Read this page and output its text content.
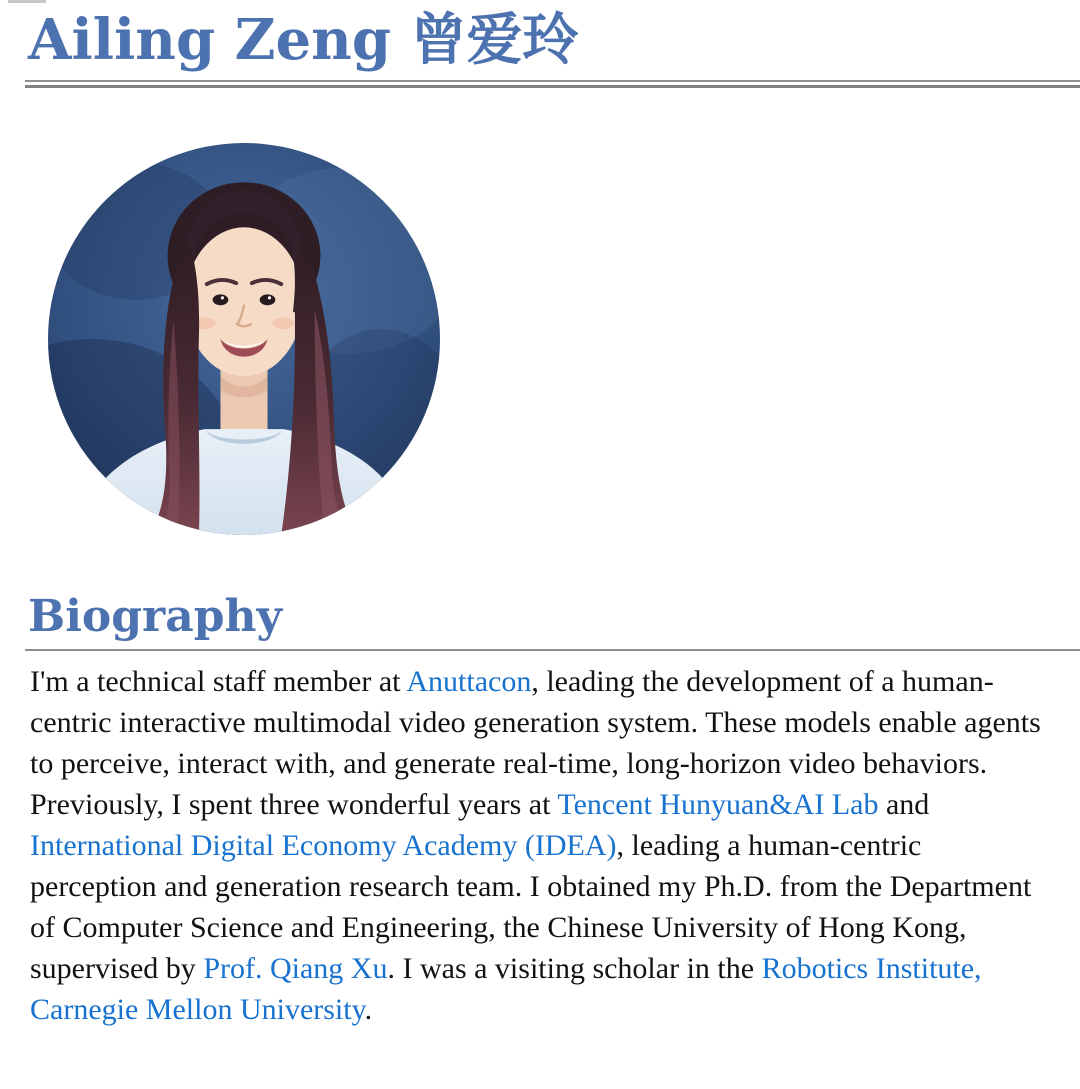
Ailing Zeng 曾爱玲
Biography

I'm a technical staff member at Anuttacon, leading the development of a human-centric interactive multimodal video generation system. These models enable agents to perceive, interact with, and generate real-time, long-horizon video behaviors. Previously, I spent three wonderful years at Tencent Hunyuan&AI Lab and International Digital Economy Academy (IDEA), leading a human-centric perception and generation research team. I obtained my Ph.D. from the Department of Computer Science and Engineering, the Chinese University of Hong Kong, supervised by Prof. Qiang Xu. I was a visiting scholar in the Robotics Institute, Carnegie Mellon University.
